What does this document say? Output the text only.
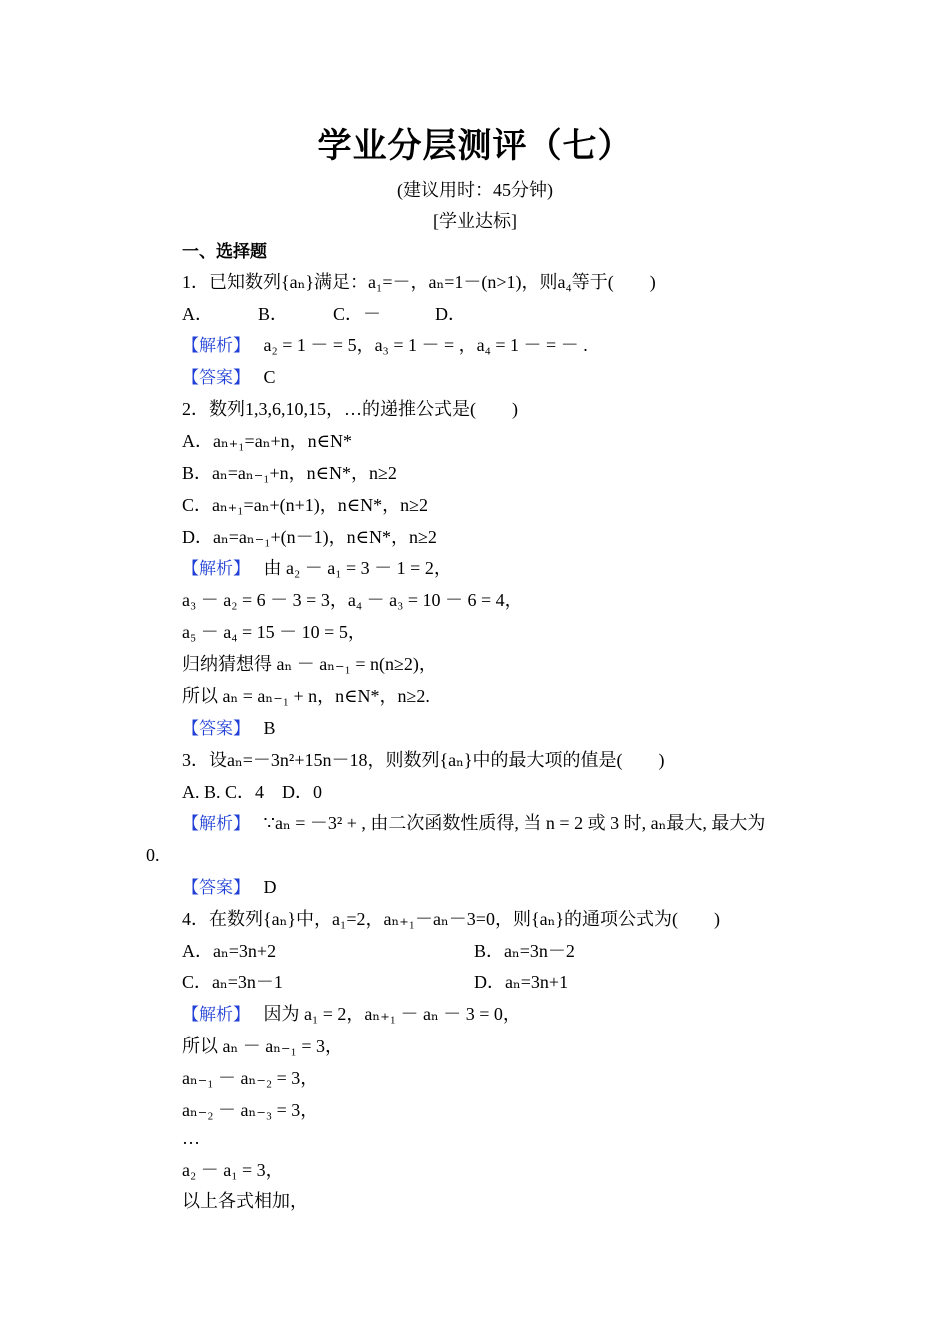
学业分层测评（七）
(建议用时：45分钟)
[学业达标]
一、选择题
1．已知数列{aₙ}满足：a₁=－，aₙ=1－(n>1)，则a₄等于(　　)
A．　　　B．　　　C．－　　　D．
【解析】 a₂ = 1 － = 5，a₃ = 1 － = ，a₄ = 1 － = － .
【答案】 C
2．数列1,3,6,10,15，…的递推公式是(　　)
A．aₙ₊₁=aₙ+n，n∈N*
B．aₙ=aₙ₋₁+n，n∈N*，n≥2
C．aₙ₊₁=aₙ+(n+1)，n∈N*，n≥2
D．aₙ=aₙ₋₁+(n－1)，n∈N*，n≥2
【解析】 由 a₂ － a₁ = 3 － 1 = 2，
a₃ － a₂ = 6 － 3 = 3，a₄ － a₃ = 10 － 6 = 4，
a₅ － a₄ = 15 － 10 = 5，
归纳猜想得 aₙ － aₙ₋₁ = n(n≥2)，
所以 aₙ = aₙ₋₁ + n，n∈N*，n≥2.
【答案】 B
3．设aₙ=－3n²+15n－18，则数列{aₙ}中的最大项的值是(　　)
A. B. C．4　D．0
【解析】 ∵aₙ = －3² + , 由二次函数性质得, 当 n = 2 或 3 时, aₙ最大, 最大为
0.
【答案】 D
4．在数列{aₙ}中，a₁=2，aₙ₊₁－aₙ－3=0，则{aₙ}的通项公式为(　　)
A．aₙ=3n+2	B．aₙ=3n－2
C．aₙ=3n－1	D．aₙ=3n+1
【解析】 因为 a₁ = 2，aₙ₊₁ － aₙ － 3 = 0，
所以 aₙ － aₙ₋₁ = 3，
aₙ₋₁ － aₙ₋₂ = 3，
aₙ₋₂ － aₙ₋₃ = 3，
…
a₂ － a₁ = 3，
以上各式相加，
